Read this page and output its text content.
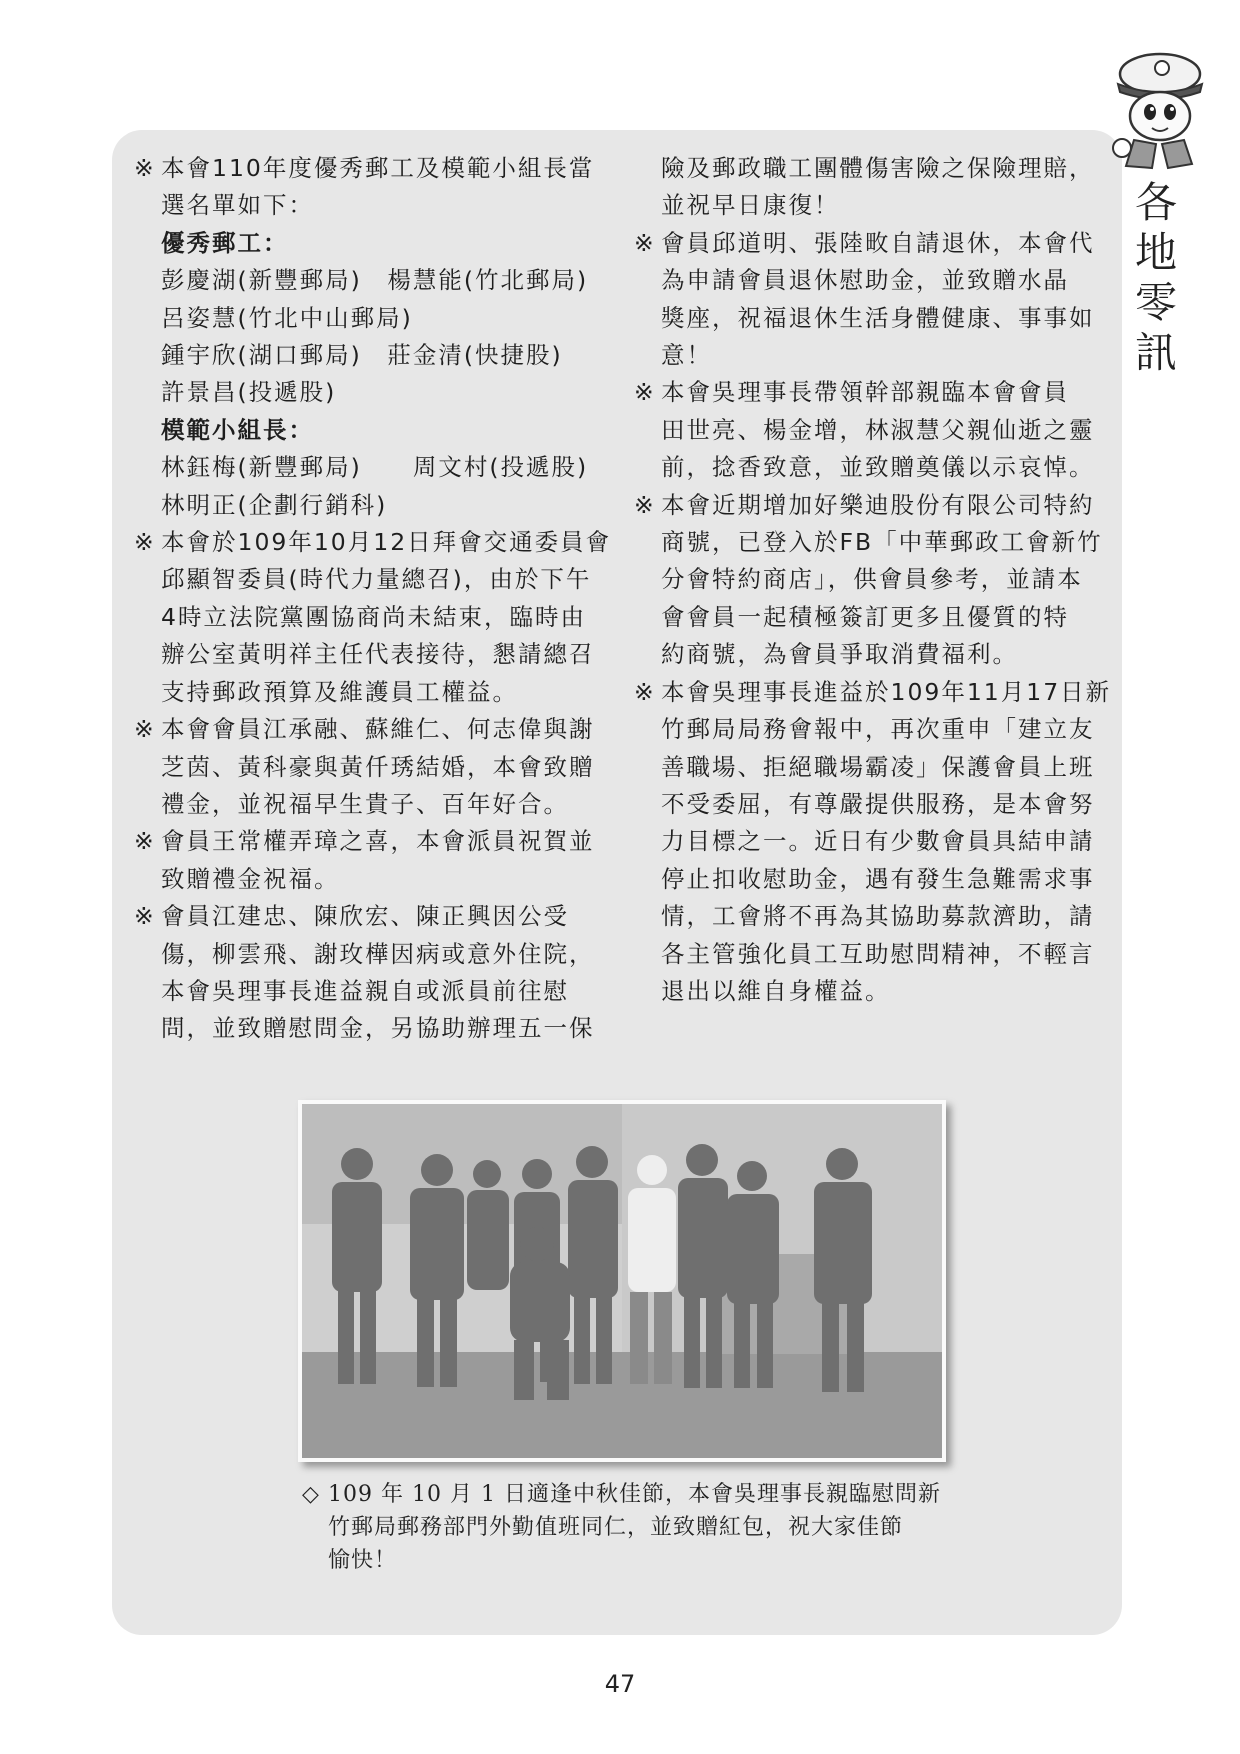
各
地
零
訊
※ 本會110年度優秀郵工及模範小組長當
選名單如下：
優秀郵工：
彭慶湖(新豐郵局)　楊慧能(竹北郵局)
呂姿慧(竹北中山郵局)
鍾宇欣(湖口郵局)　莊金清(快捷股)
許景昌(投遞股)
模範小組長：
林鈺梅(新豐郵局)　　周文村(投遞股)
林明正(企劃行銷科)
※ 本會於109年10月12日拜會交通委員會
邱顯智委員(時代力量總召)，由於下午
4時立法院黨團協商尚未結束，臨時由
辦公室黃明祥主任代表接待，懇請總召
支持郵政預算及維護員工權益。
※ 本會會員江承融、蘇維仁、何志偉與謝
芝茵、黃科豪與黃仟琇結婚，本會致贈
禮金，並祝福早生貴子、百年好合。
※ 會員王常權弄璋之喜，本會派員祝賀並
致贈禮金祝福。
※ 會員江建忠、陳欣宏、陳正興因公受
傷，柳雲飛、謝玫樺因病或意外住院，
本會吳理事長進益親自或派員前往慰
問，並致贈慰問金，另協助辦理五一保
險及郵政職工團體傷害險之保險理賠，
並祝早日康復！
※ 會員邱道明、張陸畋自請退休，本會代
為申請會員退休慰助金，並致贈水晶
獎座，祝福退休生活身體健康、事事如
意！
※ 本會吳理事長帶領幹部親臨本會會員
田世亮、楊金增，林淑慧父親仙逝之靈
前，捻香致意，並致贈奠儀以示哀悼。
※ 本會近期增加好樂迪股份有限公司特約
商號，已登入於FB「中華郵政工會新竹
分會特約商店」，供會員參考，並請本
會會員一起積極簽訂更多且優質的特
約商號，為會員爭取消費福利。
※ 本會吳理事長進益於109年11月17日新
竹郵局局務會報中，再次重申「建立友
善職場、拒絕職場霸凌」保護會員上班
不受委屈，有尊嚴提供服務，是本會努
力目標之一。近日有少數會員具結申請
停止扣收慰助金，遇有發生急難需求事
情，工會將不再為其協助募款濟助，請
各主管強化員工互助慰問精神，不輕言
退出以維自身權益。
◇ 109 年 10 月 1 日適逢中秋佳節，本會吳理事長親臨慰問新
竹郵局郵務部門外勤值班同仁，並致贈紅包，祝大家佳節
愉快！
47
